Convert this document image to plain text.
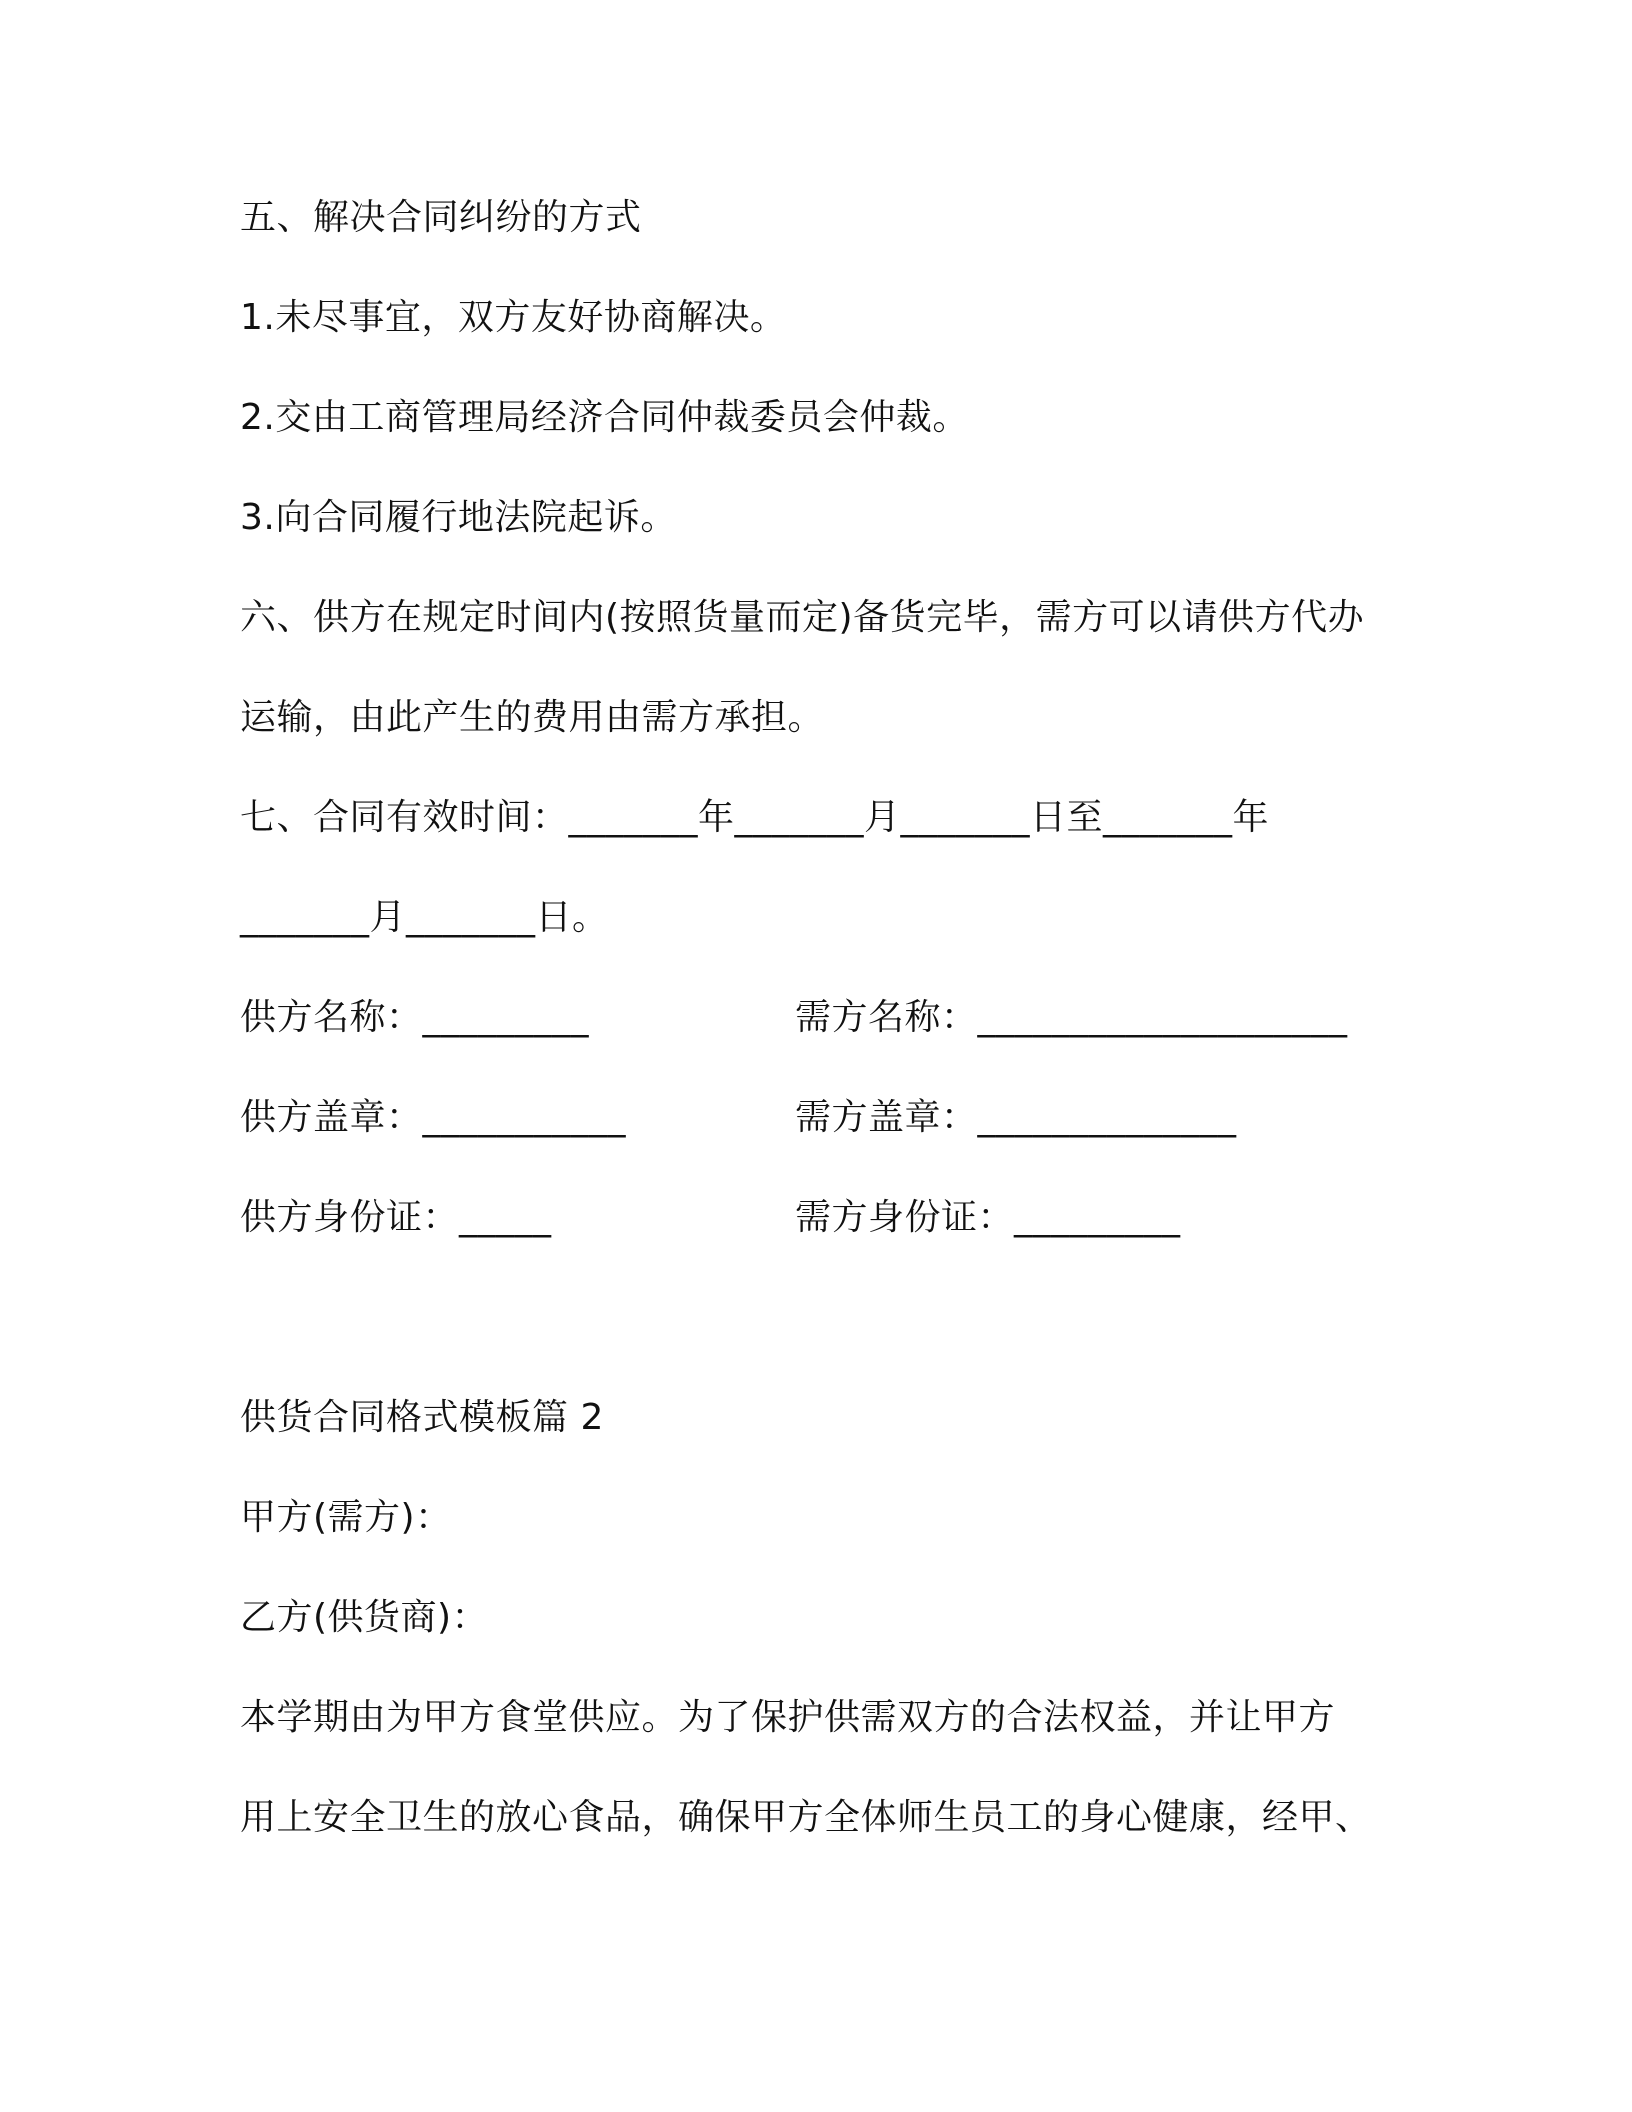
五、解决合同纠纷的方式
1.未尽事宜，双方友好协商解决。
2.交由工商管理局经济合同仲裁委员会仲裁。
3.向合同履行地法院起诉。
六、供方在规定时间内(按照货量而定)备货完毕，需方可以请供方代办
运输，由此产生的费用由需方承担。
七、合同有效时间：_______年_______月_______日至_______年
_______月_______日。
供方名称：_________	需方名称：____________________
供方盖章：___________	需方盖章：______________
供方身份证：_____	需方身份证：_________
供货合同格式模板篇 2
甲方(需方)：
乙方(供货商)：
本学期由为甲方食堂供应。为了保护供需双方的合法权益，并让甲方
用上安全卫生的放心食品，确保甲方全体师生员工的身心健康，经甲、
